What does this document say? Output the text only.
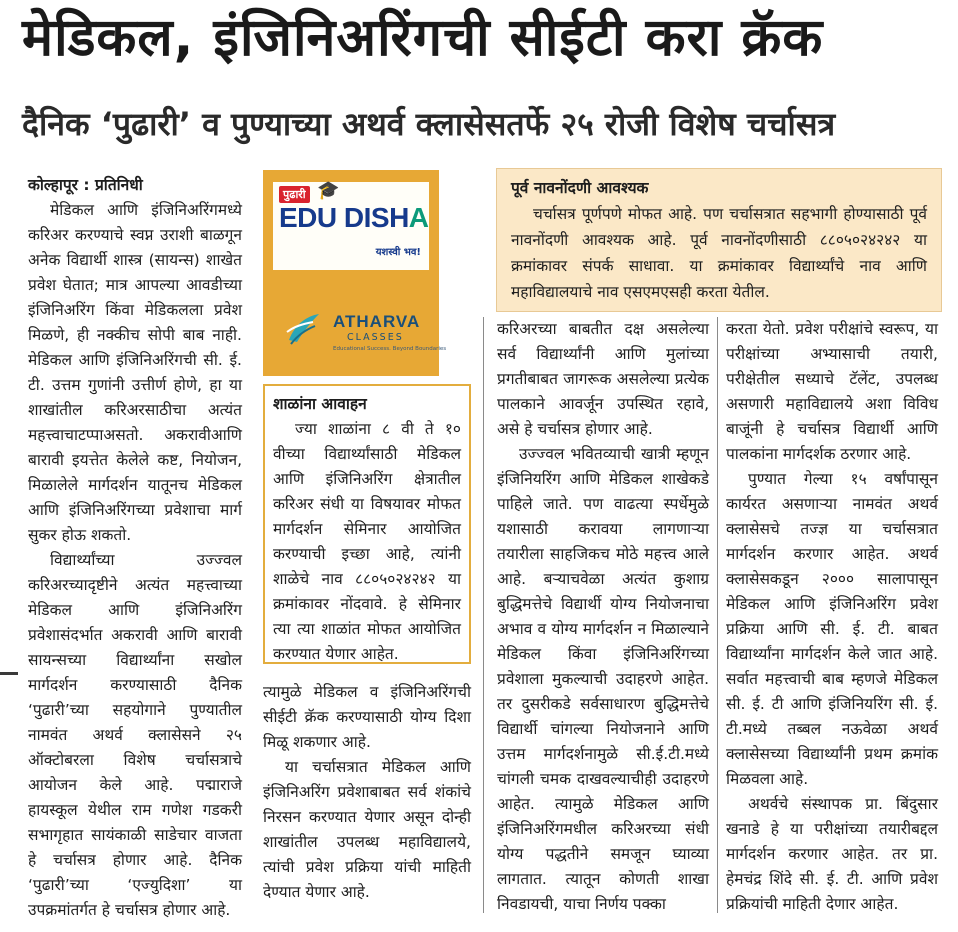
मेडिकल, इंजिनिअरिंगची सीईटी करा क्रॅक
दैनिक ‘पुढारी’ व पुण्याच्या अथर्व क्लासेसतर्फे २५ रोजी विशेष चर्चासत्र

कोल्हापूर : प्रतिनिधी

मेडिकल आणि इंजिनिअरिंगमध्ये करिअर करण्याचे स्वप्न उराशी बाळगून अनेक विद्यार्थी शास्त्र (सायन्स) शाखेत प्रवेश घेतात; मात्र आपल्या आवडीच्या इंजिनिअरिंग किंवा मेडिकलला प्रवेश मिळणे, ही नक्कीच सोपी बाब नाही. मेडिकल आणि इंजिनिअरिंगची सी. ई. टी. उत्तम गुणांनी उत्तीर्ण होणे, हा या शाखांतील करिअरसाठीचा अत्यंत महत्त्वाचाटप्पाअसतो. अकरावीआणि बारावी इयत्तेत केलेले कष्ट, नियोजन, मिळालेले मार्गदर्शन यातूनच मेडिकल आणि इंजिनिअरिंगच्या प्रवेशाचा मार्ग सुकर होऊ शकतो.

विद्यार्थ्यांच्या उज्ज्वल करिअरच्यादृष्टीने अत्यंत महत्त्वाच्या मेडिकल आणि इंजिनिअरिंग प्रवेशासंदर्भात अकरावी आणि बारावी सायन्सच्या विद्यार्थ्यांना सखोल मार्गदर्शन करण्यासाठी दैनिक ‘पुढारी’च्या सहयोगाने पुण्यातील नामवंत अथर्व क्लासेसने २५ ऑक्टोबरला विशेष चर्चासत्राचे आयोजन केले आहे. पद्माराजे हायस्कूल येथील राम गणेश गडकरी सभागृहात सायंकाळी साडेचार वाजता हे चर्चासत्र होणार आहे. दैनिक ‘पुढारी’च्या ‘एज्युदिशा’ या उपक्रमांतर्गत हे चर्चासत्र होणार आहे.

पुढारी 🎓
EDU DISHA
यशस्वी भव!
ATHARVA
CLASSES
Educational Success. Beyond Boundaries
शाळांना आवाहन

ज्या शाळांना ८ वी ते १० वीच्या विद्यार्थ्यांसाठी मेडिकल आणि इंजिनिअरिंग क्षेत्रातील करिअर संधी या विषयावर मोफत मार्गदर्शन सेमिनार आयोजित करण्याची इच्छा आहे, त्यांनी शाळेचे नाव ८८०५०२४२४२ या क्रमांकावर नोंदवावे. हे सेमिनार त्या त्या शाळांत मोफत आयोजित करण्यात येणार आहेत.

त्यामुळे मेडिकल व इंजिनिअरिंगची सीईटी क्रॅक करण्यासाठी योग्य दिशा मिळू शकणार आहे.

या चर्चासत्रात मेडिकल आणि इंजिनिअरिंग प्रवेशाबाबत सर्व शंकांचे निरसन करण्यात येणार असून दोन्ही शाखांतील उपलब्ध महाविद्यालये, त्यांची प्रवेश प्रक्रिया यांची माहिती देण्यात येणार आहे.

पूर्व नावनोंदणी आवश्यक

चर्चासत्र पूर्णपणे मोफत आहे. पण चर्चासत्रात सहभागी होण्यासाठी पूर्व नावनोंदणी आवश्यक आहे. पूर्व नावनोंदणीसाठी ८८०५०२४२४२ या क्रमांकावर संपर्क साधावा. या क्रमांकावर विद्यार्थ्यांचे नाव आणि महाविद्यालयाचे नाव एसएमएसही करता येतील.

करिअरच्या बाबतीत दक्ष असलेल्या सर्व विद्यार्थ्यांनी आणि मुलांच्या प्रगतीबाबत जागरूक असलेल्या प्रत्येक पालकाने आवर्जून उपस्थित रहावे, असे हे चर्चासत्र होणार आहे.

उज्ज्वल भवितव्याची खात्री म्हणून इंजिनियरिंग आणि मेडिकल शाखेकडे पाहिले जाते. पण वाढत्या स्पर्धेमुळे यशासाठी करावया लागणाऱ्या तयारीला साहजिकच मोठे महत्त्व आले आहे. बऱ्याचवेळा अत्यंत कुशाग्र बुद्धिमत्तेचे विद्यार्थी योग्य नियोजनाचा अभाव व योग्य मार्गदर्शन न मिळाल्याने मेडिकल किंवा इंजिनिअरिंगच्या प्रवेशाला मुकल्याची उदाहरणे आहेत. तर दुसरीकडे सर्वसाधारण बुद्धिमत्तेचे विद्यार्थी चांगल्या नियोजनाने आणि उत्तम मार्गदर्शनामुळे सी.ई.टी.मध्ये चांगली चमक दाखवल्याचीही उदाहरणे आहेत. त्यामुळे मेडिकल आणि इंजिनिअरिंगमधील करिअरच्या संधी योग्य पद्धतीने समजून घ्याव्या लागतात. त्यातून कोणती शाखा निवडायची, याचा निर्णय पक्का

करता येतो. प्रवेश परीक्षांचे स्वरूप, या परीक्षांच्या अभ्यासाची तयारी, परीक्षेतील सध्याचे टॅलेंट, उपलब्ध असणारी महाविद्यालये अशा विविध बाजूंनी हे चर्चासत्र विद्यार्थी आणि पालकांना मार्गदर्शक ठरणार आहे.

पुण्यात गेल्या १५ वर्षांपासून कार्यरत असणाऱ्या नामवंत अथर्व क्लासेसचे तज्ज्ञ या चर्चासत्रात मार्गदर्शन करणार आहेत. अथर्व क्लासेसकडून २००० सालापासून मेडिकल आणि इंजिनिअरिंग प्रवेश प्रक्रिया आणि सी. ई. टी. बाबत विद्यार्थ्यांना मार्गदर्शन केले जात आहे. सर्वात महत्त्वाची बाब म्हणजे मेडिकल सी. ई. टी आणि इंजिनियरिंग सी. ई. टी.मध्ये तब्बल नऊवेळा अथर्व क्लासेसच्या विद्यार्थ्यांनी प्रथम क्रमांक मिळवला आहे.

अथर्वचे संस्थापक प्रा. बिंदुसार खनाडे हे या परीक्षांच्या तयारीबद्दल मार्गदर्शन करणार आहेत. तर प्रा. हेमचंद्र शिंदे सी. ई. टी. आणि प्रवेश प्रक्रियांची माहिती देणार आहेत.
